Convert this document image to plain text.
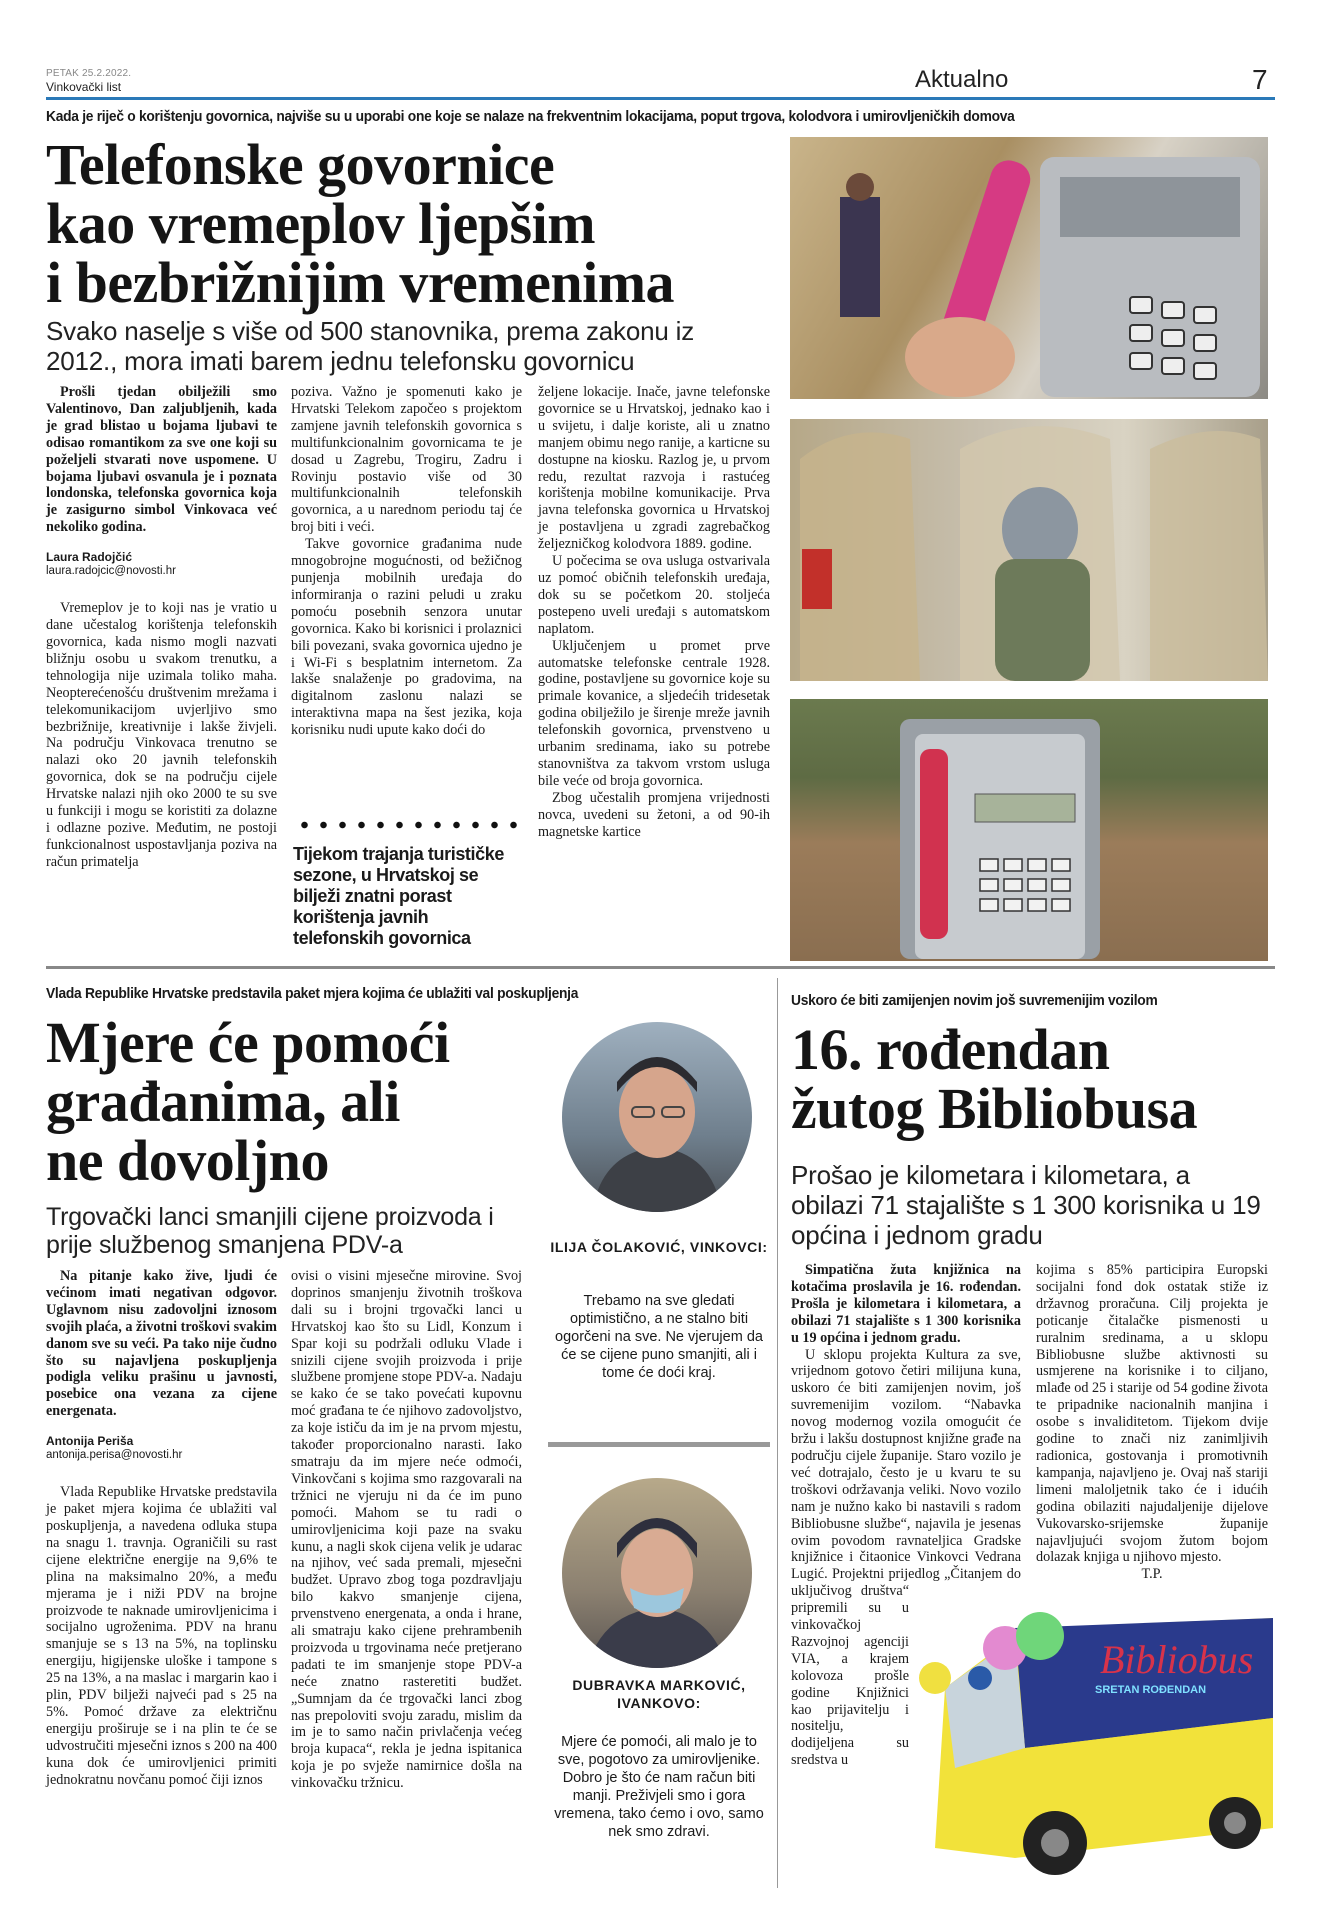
PETAK 25.2.2022.
Vinkovački list	Aktualno	7
Kada je riječ o korištenju govornica, najviše su u uporabi one koje se nalaze na frekventnim lokacijama, poput trgova, kolodvora i umirovljeničkih domova
Telefonske govornice
kao vremeplov ljepšim
i bezbrižnijim vremenima
Svako naselje s više od 500 stanovnika, prema zakonu iz 2012., mora imati barem jednu telefonsku govornicu

Prošli tjedan obilježili smo Valentinovo, Dan zaljubljenih, kada je grad blistao u bojama ljubavi te odisao romantikom za sve one koji su poželjeli stvarati nove uspomene. U bojama ljubavi osvanula je i poznata londonska, telefonska govornica koja je zasigurno simbol Vinkovaca već nekoliko godina.

Laura Radojčić
laura.radojcic@novosti.hr

Vremeplov je to koji nas je vratio u dane učestalog korištenja telefonskih govornica, kada nismo mogli nazvati bližnju osobu u svakom trenutku, a tehnologija nije uzimala toliko maha. Neopterećenošću društvenim mrežama i telekomunikacijom uvjerljivo smo bezbrižnije, kreativnije i lakše živjeli. Na području Vinkovaca trenutno se nalazi oko 20 javnih telefonskih govornica, dok se na području cijele Hrvatske nalazi njih oko 2000 te su sve u funkciji i mogu se koristiti za dolazne i odlazne pozive. Međutim, ne postoji funkcionalnost uspostavljanja poziva na račun primatelja

poziva. Važno je spomenuti kako je Hrvatski Telekom započeo s projektom zamjene javnih telefonskih govornica s multifunkcionalnim govornicama te je dosad u Zagrebu, Trogiru, Zadru i Rovinju postavio više od 30 multifunkcionalnih telefonskih govornica, a u narednom periodu taj će broj biti i veći.

Takve govornice građanima nude mnogobrojne mogućnosti, od bežičnog punjenja mobilnih uređaja do informiranja o razini peludi u zraku pomoću posebnih senzora unutar govornica. Kako bi korisnici i prolaznici bili povezani, svaka govornica ujedno je i Wi-Fi s besplatnim internetom. Za lakše snalaženje po gradovima, na digitalnom zaslonu nalazi se interaktivna mapa na šest jezika, koja korisniku nudi upute kako doći do

Tijekom trajanja turističke sezone, u Hrvatskoj se bilježi znatni porast korištenja javnih telefonskih govornica

željene lokacije. Inače, javne telefonske govornice se u Hrvatskoj, jednako kao i u svijetu, i dalje koriste, ali u znatno manjem obimu nego ranije, a karticne su dostupne na kiosku. Razlog je, u prvom redu, rezultat razvoja i rastućeg korištenja mobilne komunikacije. Prva javna telefonska govornica u Hrvatskoj je postavljena u zgradi zagrebačkog željezničkog kolodvora 1889. godine.

U počecima se ova usluga ostvarivala uz pomoć običnih telefonskih uređaja, dok su se početkom 20. stoljeća postepeno uveli uređaji s automatskom naplatom.

Uključenjem u promet prve automatske telefonske centrale 1928. godine, postavljene su govornice koje su primale kovanice, a sljedećih tridesetak godina obilježilo je širenje mreže javnih telefonskih govornica, prvenstveno u urbanim sredinama, iako su potrebe stanovništva za takvom vrstom usluga bile veće od broja govornica.

Zbog učestalih promjena vrijednosti novca, uvedeni su žetoni, a od 90-ih magnetske kartice

Vlada Republike Hrvatske predstavila paket mjera kojima će ublažiti val poskupljenja
Mjere će pomoći
građanima, ali
ne dovoljno
Trgovački lanci smanjili cijene proizvoda i prije službenog smanjena PDV-a

Na pitanje kako žive, ljudi će većinom imati negativan odgovor. Uglavnom nisu zadovoljni iznosom svojih plaća, a životni troškovi svakim danom sve su veći. Pa tako nije čudno što su najavljena poskupljenja podigla veliku prašinu u javnosti, posebice ona vezana za cijene energenata.

Antonija Periša
antonija.perisa@novosti.hr

Vlada Republike Hrvatske predstavila je paket mjera kojima će ublažiti val poskupljenja, a navedena odluka stupa na snagu 1. travnja. Ograničili su rast cijene električne energije na 9,6% te plina na maksimalno 20%, a među mjerama je i niži PDV na brojne proizvode te naknade umirovljenicima i socijalno ugroženima. PDV na hranu smanjuje se s 13 na 5%, na toplinsku energiju, higijenske uloške i tampone s 25 na 13%, a na maslac i margarin kao i plin, PDV bilježi najveći pad s 25 na 5%. Pomoć države za električnu energiju proširuje se i na plin te će se udvostručiti mjesečni iznos s 200 na 400 kuna dok će umirovljenici primiti jednokratnu novčanu pomoć čiji iznos

ovisi o visini mjesečne mirovine. Svoj doprinos smanjenju životnih troškova dali su i brojni trgovački lanci u Hrvatskoj kao što su Lidl, Konzum i Spar koji su podržali odluku Vlade i snizili cijene svojih proizvoda i prije službene promjene stope PDV-a. Nadaju se kako će se tako povećati kupovnu moć građana te će njihovo zadovoljstvo, za koje ističu da im je na prvom mjestu, također proporcionalno narasti. Iako smatraju da im mjere neće odmoći, Vinkovčani s kojima smo razgovarali na tržnici ne vjeruju ni da će im puno pomoći. Mahom se tu radi o umirovljenicima koji paze na svaku kunu, a nagli skok cijena velik je udarac na njihov, već sada premali, mjesečni budžet. Upravo zbog toga pozdravljaju bilo kakvo smanjenje cijena, prvenstveno energenata, a onda i hrane, ali smatraju kako cijene prehrambenih proizvoda u trgovinama neće pretjerano padati te im smanjenje stope PDV-a neće znatno rasteretiti budžet. „Sumnjam da će trgovački lanci zbog nas prepoloviti svoju zaradu, mislim da im je to samo način privlačenja većeg broja kupaca“, rekla je jedna ispitanica koja je po svježe namirnice došla na vinkovačku tržnicu.

ILIJA ČOLAKOVIĆ, VINKOVCI:
Trebamo na sve gledati optimistično, a ne stalno biti ogorčeni na sve. Ne vjerujem da će se cijene puno smanjiti, ali i tome će doći kraj.
DUBRAVKA MARKOVIĆ, IVANKOVO:
Mjere će pomoći, ali malo je to sve, pogotovo za umirovljenike. Dobro je što će nam račun biti manji. Preživjeli smo i gora vremena, tako ćemo i ovo, samo nek smo zdravi.
Uskoro će biti zamijenjen novim još suvremenijim vozilom
16. rođendan
žutog Bibliobusa
Prošao je kilometara i kilometara, a obilazi 71 stajalište s 1 300 korisnika u 19 općina i jednom gradu

Simpatična žuta knjižnica na kotačima proslavila je 16. rođendan. Prošla je kilometara i kilometara, a obilazi 71 stajalište s 1 300 korisnika u 19 općina i jednom gradu.

U sklopu projekta Kultura za sve, vrijednom gotovo četiri milijuna kuna, uskoro će biti zamijenjen novim, još suvremenijim vozilom. “Nabavka novog modernog vozila omogućit će bržu i lakšu dostupnost knjižne građe na području cijele županije. Staro vozilo je već dotrajalo, često je u kvaru te su troškovi održavanja veliki. Novo vozilo nam je nužno kako bi nastavili s radom Bibliobusne službe“, najavila je jesenas ovim povodom ravnateljica Gradske knjižnice i čitaonice Vinkovci Vedrana Lugić. Projektni prijedlog „Čitanjem do uključivog društva“ pripremili su u vinkovačkoj Razvojnoj agenciji VIA, a krajem kolovoza prošle godine Knjižnici kao prijavitelju i nositelju, dodijeljena su sredstva u

kojima s 85% participira Europski socijalni fond dok ostatak stiže iz državnog proračuna. Cilj projekta je poticanje čitalačke pismenosti u ruralnim sredinama, a u sklopu Bibliobusne službe aktivnosti su usmjerene na korisnike i to ciljano, mlađe od 25 i starije od 54 godine života te pripadnike nacionalnih manjina i osobe s invaliditetom. Tijekom dvije godine to znači niz zanimljivih radionica, gostovanja i promotivnih kampanja, najavljeno je. Ovaj naš stariji limeni maloljetnik tako će i idućih godina obilaziti najudaljenije dijelove Vukovarsko-srijemske županije najavljujući svojom žutom bojom dolazak knjiga u njihovo mjesto.

T.P.

Bibliobus
SRETAN ROĐENDAN
